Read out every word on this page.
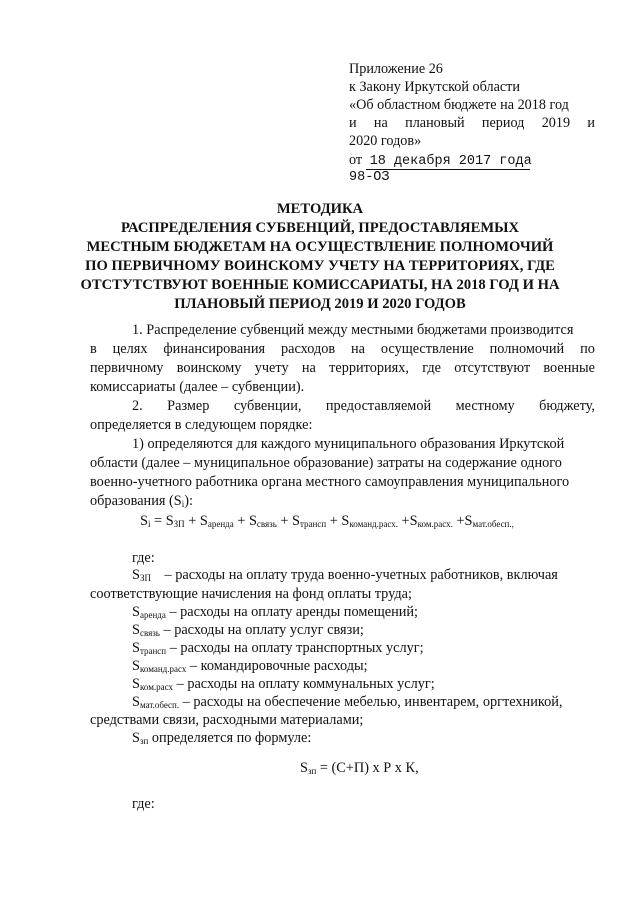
Приложение 26
к Закону Иркутской области
«Об областном бюджете на 2018 год
и на плановый период 2019 и
2020 годов»
от 18 декабря 2017 года
98-ОЗ
МЕТОДИКА
РАСПРЕДЕЛЕНИЯ СУБВЕНЦИЙ, ПРЕДОСТАВЛЯЕМЫХ
МЕСТНЫМ БЮДЖЕТАМ НА ОСУЩЕСТВЛЕНИЕ ПОЛНОМОЧИЙ
ПО ПЕРВИЧНОМУ ВОИНСКОМУ УЧЕТУ НА ТЕРРИТОРИЯХ, ГДЕ
ОТСТУТСТВУЮТ ВОЕННЫЕ КОМИССАРИАТЫ, НА 2018 ГОД И НА
ПЛАНОВЫЙ ПЕРИОД 2019 И 2020 ГОДОВ
1. Распределение субвенций между местными бюджетами производится
в целях финансирования расходов на осуществление полномочий по
первичному воинскому учету на территориях, где отсутствуют военные
комиссариаты (далее – субвенции).
2. Размер субвенции, предоставляемой местному бюджету,
определяется в следующем порядке:
1) определяются для каждого муниципального образования Иркутской
области (далее – муниципальное образование) затраты на содержание одного
военно-учетного работника органа местного самоуправления муниципального
образования $(S_i)$:
$S_i = S_{ЗП} + S_{аренда} + S_{связь} + S_{трансп} + S_{команд.расх.} +S_{ком.расх.} +S_{мат.обесп.,}$
где:
$S_{ЗП}$ – расходы на оплату труда военно-учетных работников, включая
соответствующие начисления на фонд оплаты труда;
$S_{аренда}$ – расходы на оплату аренды помещений;
$S_{связь}$ – расходы на оплату услуг связи;
$S_{трансп}$ – расходы на оплату транспортных услуг;
$S_{команд.расх}$ – командировочные расходы;
$S_{ком.расх}$ – расходы на оплату коммунальных услуг;
$S_{мат.обесп.}$ – расходы на обеспечение мебелью, инвентарем, оргтехникой,
средствами связи, расходными материалами;
$S_{зп}$ определяется по формуле:
$S_{зп} = (С+П)$ х Р х К,
где:
